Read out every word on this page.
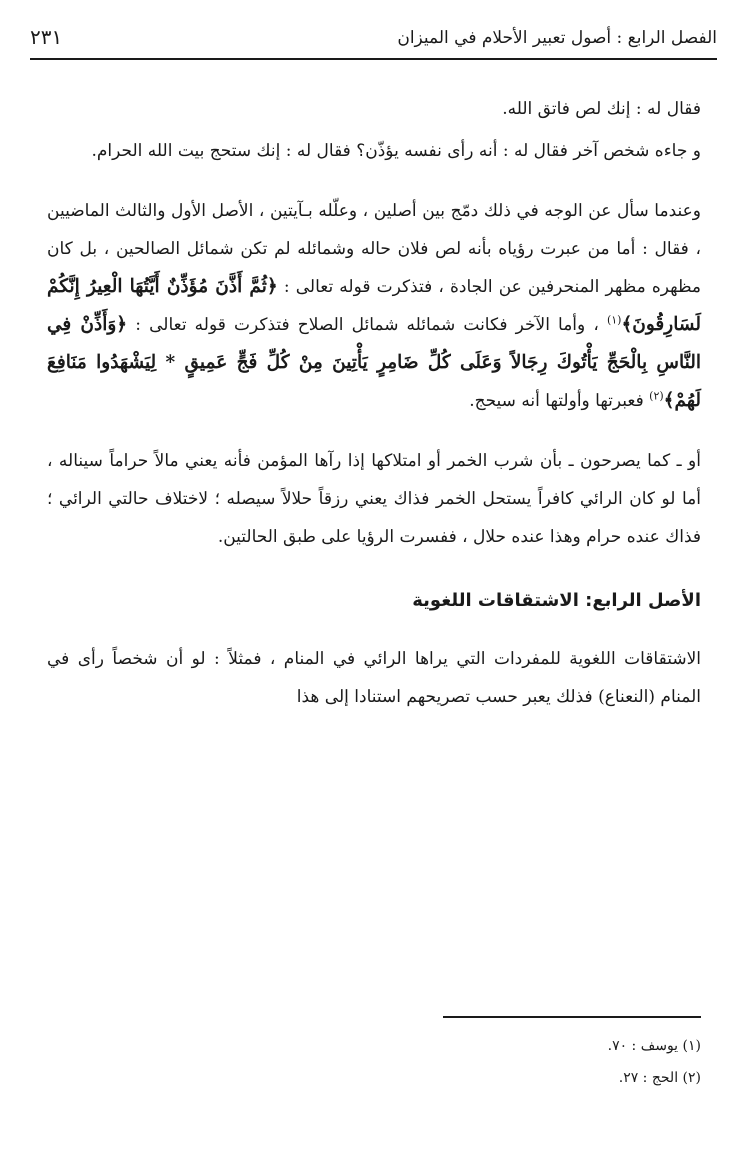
الفصل الرابع : أصول تعبير الأحلام في الميزان
٢٣١

فقال له : إنك لص فاتق الله.

و جاءه شخص آخر فقال له : أنه رأى نفسه يؤذّن؟ فقال له : إنك ستحج بيت الله الحرام.

وعندما سأل عن الوجه في ذلك دمّج بين أصلين ، وعلّله بـآيتين ، الأصل الأول والثالث الماضيين ، فقال : أما من عبرت رؤياه بأنه لص فلان حاله وشمائله لم تكن شمائل الصالحين ، بل كان مظهره مظهر المنحرفين عن الجادة ، فتذكرت قوله تعالى : ﴿ثُمَّ أَذَّنَ مُؤَذِّنٌ أَيَّتُهَا الْعِيرُ إِنَّكُمْ لَسَارِقُونَ﴾$^{(١)}$ ، وأما الآخر فكانت شمائله شمائل الصلاح فتذكرت قوله تعالى : ﴿وَأَذِّنْ فِي النَّاسِ بِالْحَجِّ يَأْتُوكَ رِجَالاً وَعَلَى كُلِّ ضَامِرٍ يَأْتِينَ مِنْ كُلِّ فَجٍّ عَمِيقٍ * لِيَشْهَدُوا مَنَافِعَ لَهُمْ﴾$^{(٢)}$ فعبرتها وأولتها أنه سيحج.

أو ـ كما يصرحون ـ بأن شرب الخمر أو امتلاكها إذا رآها المؤمن فأنه يعني مالاً حراماً سيناله ، أما لو كان الرائي كافراً يستحل الخمر فذاك يعني رزقاً حلالاً سيصله ؛ لاختلاف حالتي الرائي ؛ فذاك عنده حرام وهذا عنده حلال ، ففسرت الرؤيا على طبق الحالتين.

الأصل الرابع: الاشتقاقات اللغوية

الاشتقاقات اللغوية للمفردات التي يراها الرائي في المنام ، فمثلاً : لو أن شخصاً رأى في المنام (النعناع) فذلك يعبر حسب تصريحهم استنادا إلى هذا

(١) يوسف : ٧٠.

(٢) الحج : ٢٧.
